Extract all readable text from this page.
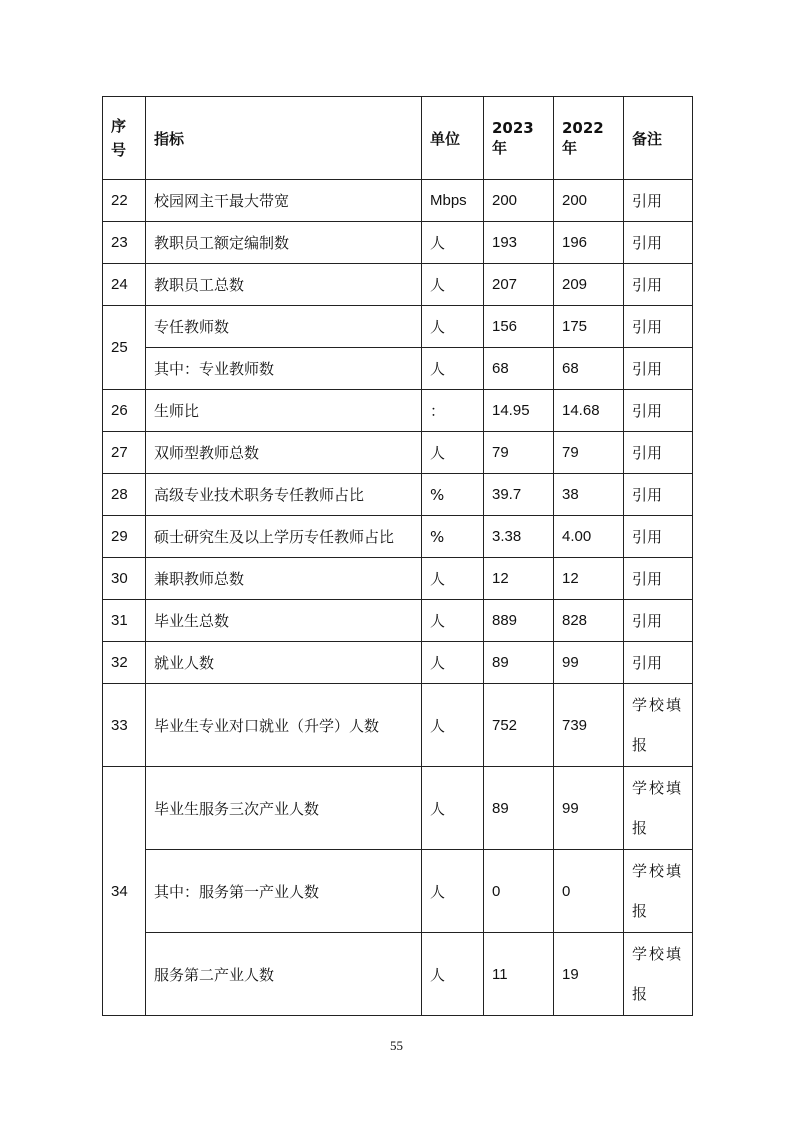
序号	指标	单位	2023 年	2022 年	备注
22	校园网主干最大带宽	Mbps	200	200	引用
23	教职员工额定编制数	人	193	196	引用
24	教职员工总数	人	207	209	引用
25	专任教师数	人	156	175	引用
	其中：专业教师数	人	68	68	引用
26	生师比	：	14.95	14.68	引用
27	双师型教师总数	人	79	79	引用
28	高级专业技术职务专任教师占比	%	39.7	38	引用
29	硕士研究生及以上学历专任教师占比	%	3.38	4.00	引用
30	兼职教师总数	人	12	12	引用
31	毕业生总数	人	889	828	引用
32	就业人数	人	89	99	引用
33	毕业生专业对口就业（升学）人数	人	752	739	学校填报
34	毕业生服务三次产业人数	人	89	99	学校填报
	其中：服务第一产业人数	人	0	0	学校填报
	服务第二产业人数	人	11	19	学校填报
55
